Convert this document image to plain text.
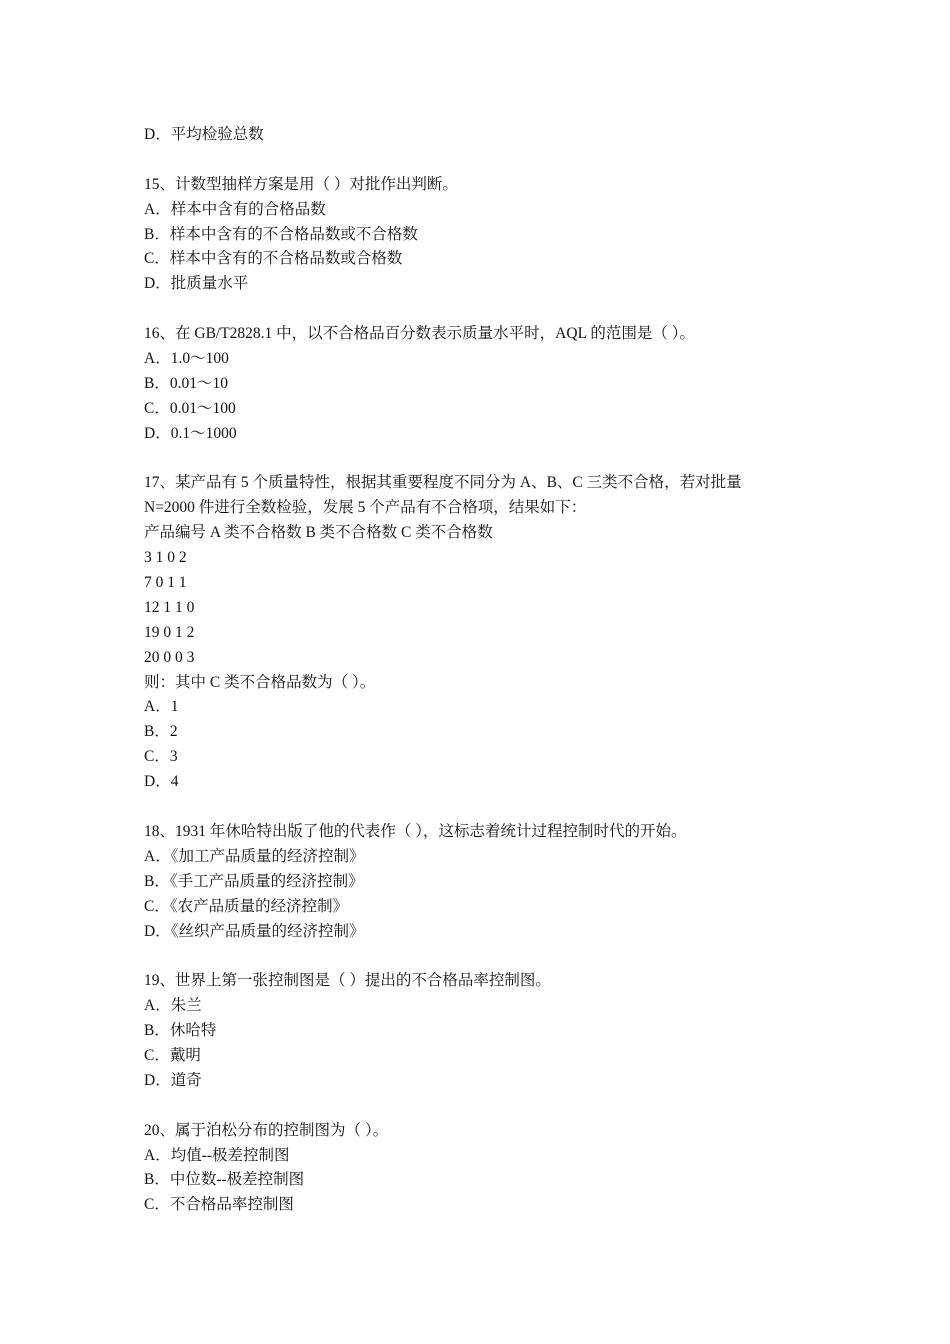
D．平均检验总数
15、计数型抽样方案是用（ ）对批作出判断。
A．样本中含有的合格品数
B．样本中含有的不合格品数或不合格数
C．样本中含有的不合格品数或合格数
D．批质量水平
16、在 GB/T2828.1 中，以不合格品百分数表示质量水平时，AQL 的范围是（ ）。
A．1.0～100
B．0.01～10
C．0.01～100
D．0.1～1000
17、某产品有 5 个质量特性，根据其重要程度不同分为 A、B、C 三类不合格，若对批量
N=2000 件进行全数检验，发展 5 个产品有不合格项，结果如下：
产品编号 A 类不合格数 B 类不合格数 C 类不合格数
3 1 0 2
7 0 1 1
12 1 1 0
19 0 1 2
20 0 0 3
则：其中 C 类不合格品数为（ ）。
A．1
B．2
C．3
D．4
18、1931 年休哈特出版了他的代表作（ ），这标志着统计过程控制时代的开始。
A．《加工产品质量的经济控制》
B．《手工产品质量的经济控制》
C．《农产品质量的经济控制》
D．《丝织产品质量的经济控制》
19、世界上第一张控制图是（ ）提出的不合格品率控制图。
A．朱兰
B．休哈特
C．戴明
D．道奇
20、属于泊松分布的控制图为（ ）。
A．均值--极差控制图
B．中位数--极差控制图
C．不合格品率控制图
